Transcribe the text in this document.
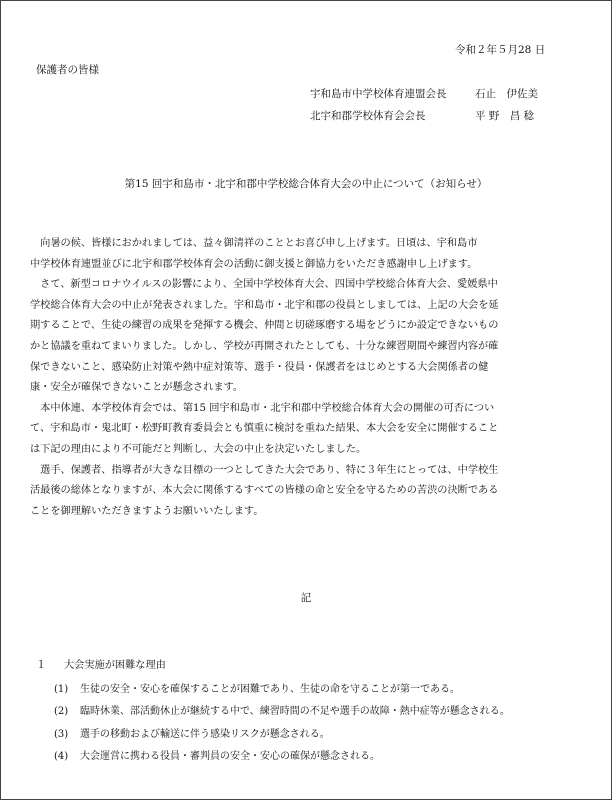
令和２年５月28 日
保護者の皆様
宇和島市中学校体育連盟会長	石止　伊佐美
北宇和郡学校体育会会長	平 野　昌 稔
第15 回宇和島市・北宇和郡中学校総合体育大会の中止について（お知らせ）
　向暑の候、皆様におかれましては、益々御清祥のこととお喜び申し上げます。日頃は、宇和島市
中学校体育連盟並びに北宇和郡学校体育会の活動に御支援と御協力をいただき感謝申し上げます。
　さて、新型コロナウイルスの影響により、全国中学校体育大会、四国中学校総合体育大会、愛媛県中
学校総合体育大会の中止が発表されました。宇和島市・北宇和郡の役員としましては、上記の大会を延
期することで、生徒の練習の成果を発揮する機会、仲間と切磋琢磨する場をどうにか設定できないもの
かと協議を重ねてまいりました。しかし、学校が再開されたとしても、十分な練習期間や練習内容が確
保できないこと、感染防止対策や熱中症対策等、選手・役員・保護者をはじめとする大会関係者の健
康・安全が確保できないことが懸念されます。
　本中体連、本学校体育会では、第15 回宇和島市・北宇和郡中学校総合体育大会の開催の可否につい
て、宇和島市・鬼北町・松野町教育委員会とも慎重に検討を重ねた結果、本大会を安全に開催すること
は下記の理由により不可能だと判断し、大会の中止を決定いたしました。
　選手、保護者、指導者が大きな目標の一つとしてきた大会であり、特に３年生にとっては、中学校生
活最後の総体となりますが、本大会に関係するすべての皆様の命と安全を守るための苦渋の決断である
ことを御理解いただきますようお願いいたします。
記
１	大会実施が困難な理由
(1)	生徒の安全・安心を確保することが困難であり、生徒の命を守ることが第一である。
(2)	臨時休業、部活動休止が継続する中で、練習時間の不足や選手の故障・熱中症等が懸念される。
(3)	選手の移動および輸送に伴う感染リスクが懸念される。
(4)	大会運営に携わる役員・審判員の安全・安心の確保が懸念される。
